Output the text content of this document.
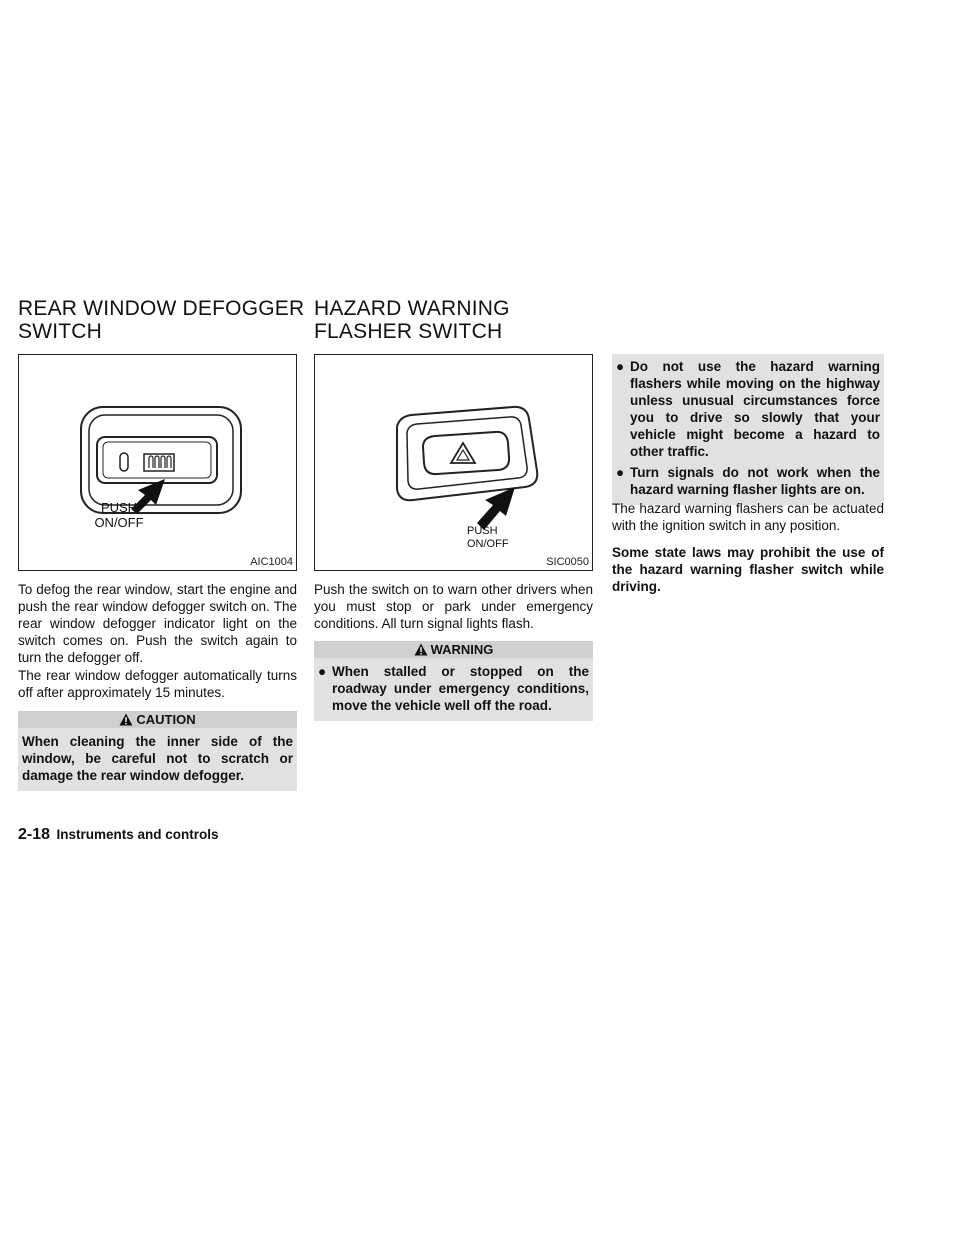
REAR WINDOW DEFOGGER SWITCH
PUSH
ON/OFF
AIC1004

To defog the rear window, start the engine and push the rear window defogger switch on. The rear window defogger indicator light on the switch comes on. Push the switch again to turn the defogger off.

The rear window defogger automatically turns off after approximately 15 minutes.

CAUTION
When cleaning the inner side of the window, be careful not to scratch or damage the rear window defogger.
HAZARD WARNING FLASHER SWITCH
PUSH
ON/OFF
SIC0050

Push the switch on to warn other drivers when you must stop or park under emergency conditions. All turn signal lights flash.

WARNING
● When stalled or stopped on the roadway under emergency conditions, move the vehicle well off the road.
● Do not use the hazard warning flashers while moving on the highway unless unusual circumstances force you to drive so slowly that your vehicle might become a hazard to other traffic.
● Turn signals do not work when the hazard warning flasher lights are on.

The hazard warning flashers can be actuated with the ignition switch in any position.

Some state laws may prohibit the use of the hazard warning flasher switch while driving.

2-18 Instruments and controls
